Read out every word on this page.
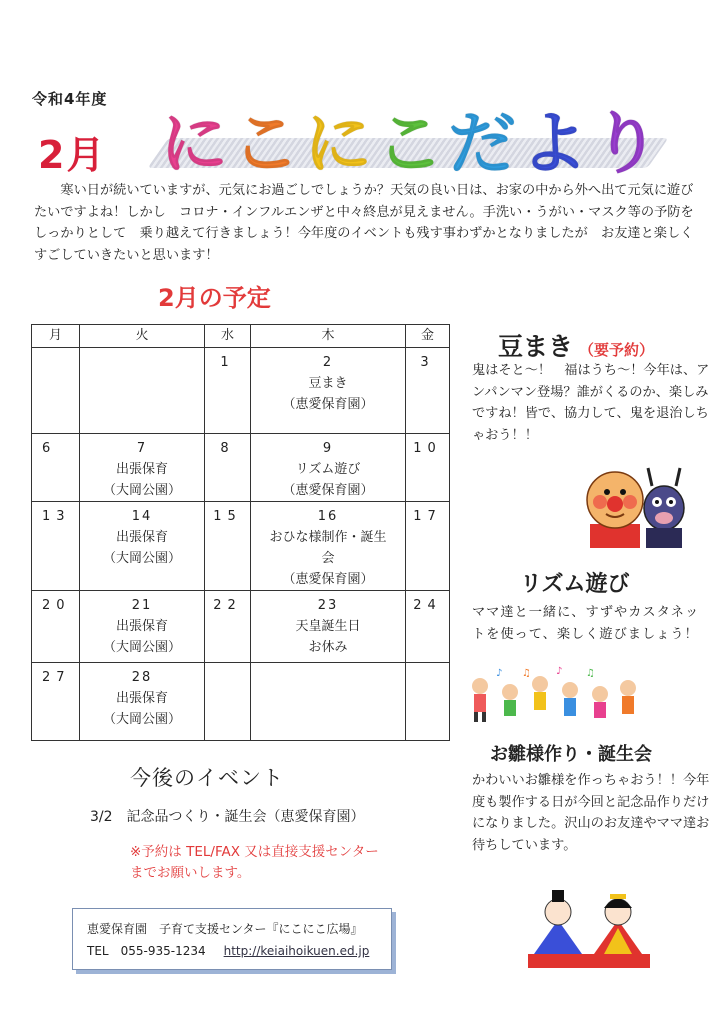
令和4年度
2月 にこにこだより
寒い日が続いていますが、元気にお過ごしでしょうか？天気の良い日は、お家の中から外へ出て元気に遊びたいですよね！しかし　コロナ・インフルエンザと中々終息が見えません。手洗い・うがい・マスク等の予防をしっかりとして　乗り越えて行きましょう！今年度のイベントも残す事わずかとなりましたが　お友達と楽しくすごしていきたいと思います！
2月の予定
月	火	水	木	金

		1	2
豆まき
（恵愛保育園）	3

6	7
出張保育
（大岡公園）	8	9
リズム遊び
（恵愛保育園）	10

13	14
出張保育
（大岡公園）	15	16
おひな様制作・誕生
会
（恵愛保育園）	17

20	21
出張保育
（大岡公園）	22	23
天皇誕生日
お休み	24

27	28
出張保育
（大岡公園）			

豆まき （要予約）
鬼はそと～！　福はうち～！今年は、アンパンマン登場？誰がくるのか、楽しみですね！皆で、協力して、鬼を退治しちゃおう！！
リズム遊び
ママ達と一緒に、すずやカスタネットを使って、楽しく遊びましょう！
♪	♪ ♫
♫
お雛様作り・誕生会
かわいいお雛様を作っちゃおう！！今年度も製作する日が今回と記念品作りだけになりました。沢山のお友達やママ達お待ちしています。
今後のイベント
3/2　記念品つくり・誕生会（恵愛保育園）
※予約は TEL/FAX 又は直接支援センター
までお願いします。
恵愛保育園　子育て支援センター『にこにこ広場』
TEL　055-935-1234 http://keiaihoikuen.ed.jp
